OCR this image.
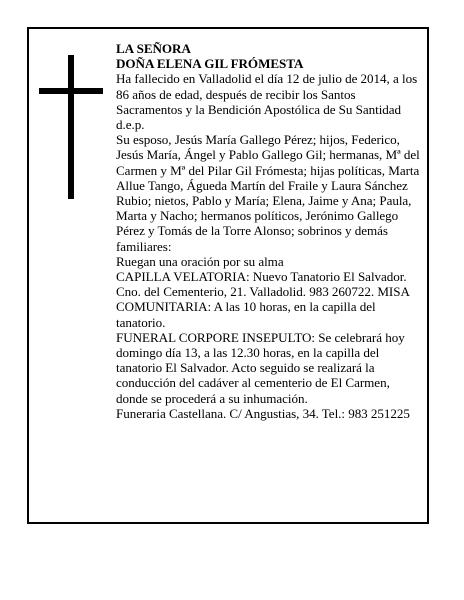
LA SEÑORA

DOÑA ELENA GIL FRÓMESTA

Ha fallecido en Valladolid el día 12 de julio de 2014, a los 86 años de edad, después de recibir los Santos Sacramentos y la Bendición Apostólica de Su Santidad

d.e.p.

Su esposo, Jesús María Gallego Pérez; hijos, Federico, Jesús María, Ángel y Pablo Gallego Gil; hermanas, Mª del Carmen y Mª del Pilar Gil Frómesta; hijas políticas, Marta Allue Tango, Águeda Martín del Fraile y Laura Sánchez Rubio; nietos, Pablo y María; Elena, Jaime y Ana; Paula, Marta y Nacho; hermanos políticos, Jerónimo Gallego Pérez y Tomás de la Torre Alonso; sobrinos y demás familiares:

Ruegan una oración por su alma

CAPILLA VELATORIA: Nuevo Tanatorio El Salvador. Cno. del Cementerio, 21. Valladolid. 983 260722. MISA COMUNITARIA: A las 10 horas, en la capilla del tanatorio.

FUNERAL CORPORE INSEPULTO: Se celebrará hoy domingo día 13, a las 12.30 horas, en la capilla del tanatorio El Salvador. Acto seguido se realizará la conducción del cadáver al cementerio de El Carmen, donde se procederá a su inhumación.

Funeraria Castellana. C/ Angustias, 34. Tel.: 983 251225
